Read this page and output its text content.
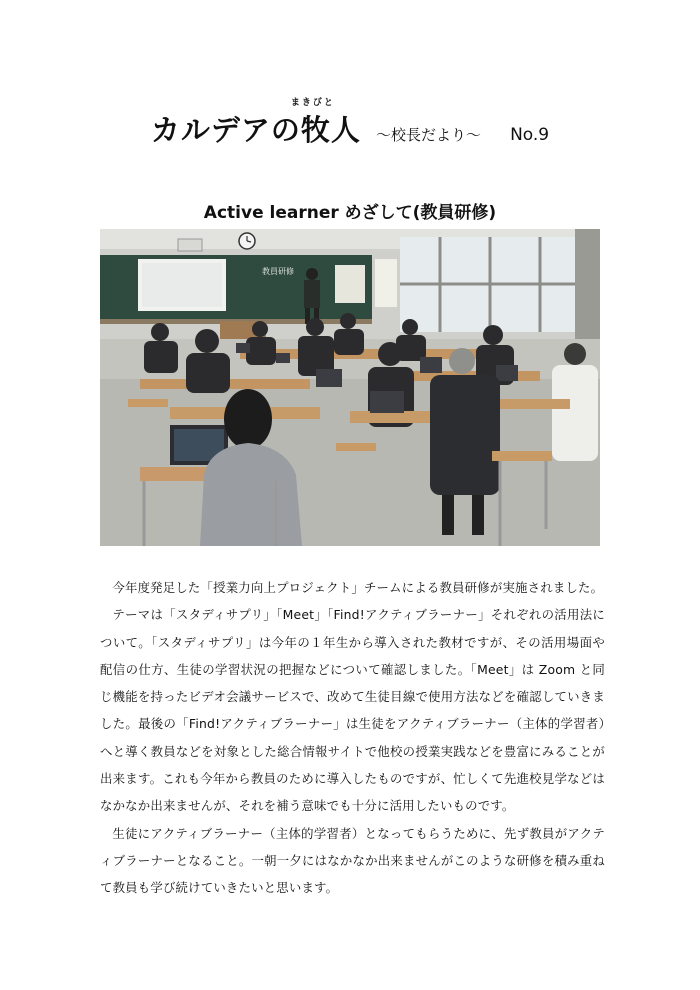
まきびと
カルデアの牧人 〜校長だより〜 No.9
Active learner めざして(教員研修)
教員研修

今年度発足した「授業力向上プロジェクト」チームによる教員研修が実施されました。

テーマは「スタディサプリ」「Meet」「Find!アクティブラーナー」それぞれの活用法について。「スタディサプリ」は今年の１年生から導入された教材ですが、その活用場面や配信の仕方、生徒の学習状況の把握などについて確認しました。「Meet」は Zoom と同じ機能を持ったビデオ会議サービスで、改めて生徒目線で使用方法などを確認していきました。最後の「Find!アクティブラーナー」は生徒をアクティブラーナー（主体的学習者）へと導く教員などを対象とした総合情報サイトで他校の授業実践などを豊富にみることが出来ます。これも今年から教員のために導入したものですが、忙しくて先進校見学などはなかなか出来ませんが、それを補う意味でも十分に活用したいものです。

生徒にアクティブラーナー（主体的学習者）となってもらうために、先ず教員がアクティブラーナーとなること。一朝一夕にはなかなか出来ませんがこのような研修を積み重ねて教員も学び続けていきたいと思います。
